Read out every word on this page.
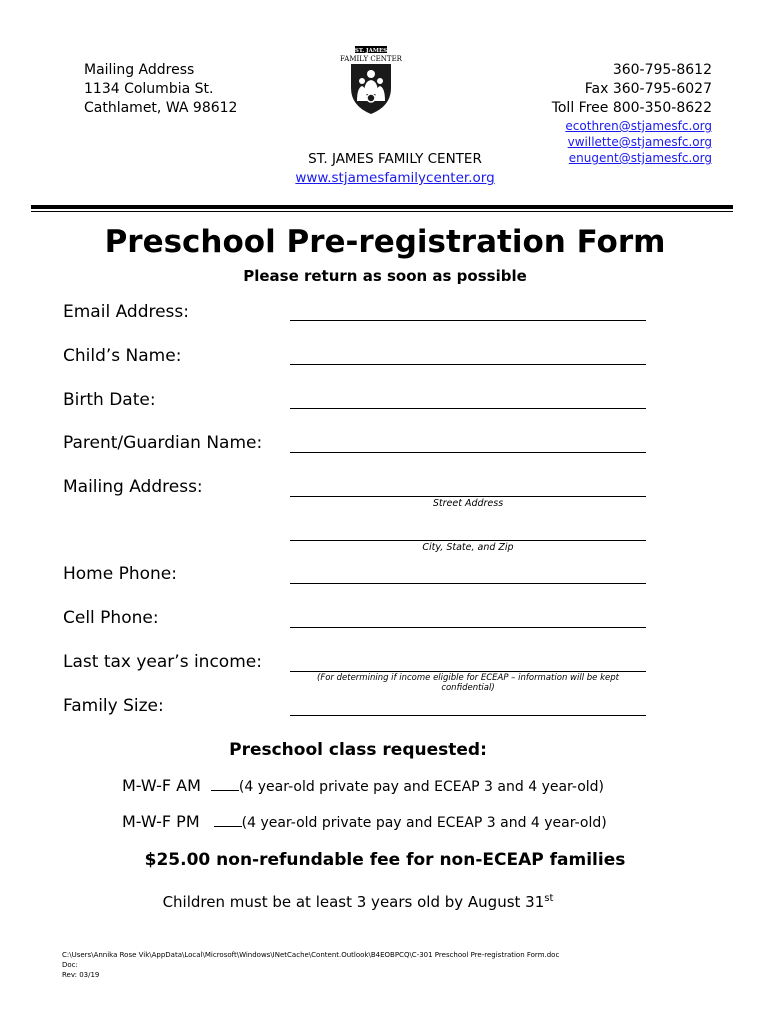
Mailing Address
1134 Columbia St.
Cathlamet, WA 98612
ST. JAMES
FAMILY CENTER
360-795-8612
Fax 360-795-6027
Toll Free 800-350-8622
ecothren@stjamesfc.org
vwillette@stjamesfc.org
enugent@stjamesfc.org
ST. JAMES FAMILY CENTER
www.stjamesfamilycenter.org
Preschool Pre-registration Form
Please return as soon as possible
Email Address:
Child’s Name:
Birth Date:
Parent/Guardian Name:
Mailing Address:
Street Address
City, State, and Zip
Home Phone:
Cell Phone:
Last tax year’s income:
(For determining if income eligible for ECEAP – information will be kept confidential)
Family Size:
Preschool class requested:
M-W-F AM	(4 year-old private pay and ECEAP 3 and 4 year-old)
M-W-F PM	(4 year-old private pay and ECEAP 3 and 4 year-old)
$25.00 non-refundable fee for non-ECEAP families
Children must be at least 3 years old by August 31st
C:\Users\Annika Rose Vik\AppData\Local\Microsoft\Windows\INetCache\Content.Outlook\B4EOBPCQ\C-301 Preschool Pre-registration Form.doc
Doc:
Rev: 03/19
